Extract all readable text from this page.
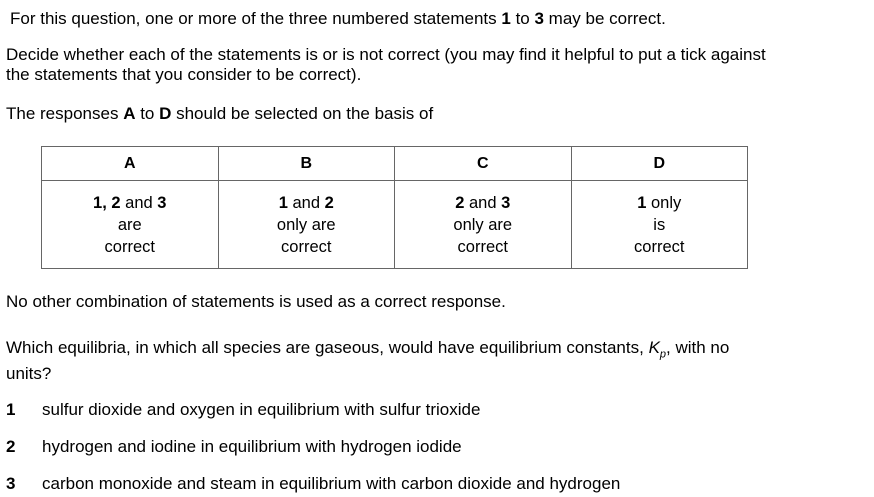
For this question, one or more of the three numbered statements 1 to 3 may be correct.
Decide whether each of the statements is or is not correct (you may find it helpful to put a tick against
the statements that you consider to be correct).
The responses A to D should be selected on the basis of
A	B	C	D

1, 2 and 3
are
correct	1 and 2
only are
correct	2 and 3
only are
correct	1 only
is
correct
No other combination of statements is used as a correct response.
Which equilibria, in which all species are gaseous, would have equilibrium constants, $K_p$, with no
units?
1 sulfur dioxide and oxygen in equilibrium with sulfur trioxide
2 hydrogen and iodine in equilibrium with hydrogen iodide
3 carbon monoxide and steam in equilibrium with carbon dioxide and hydrogen
